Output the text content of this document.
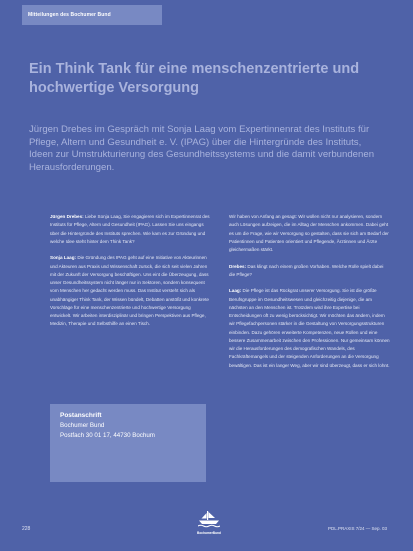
Mitteilungen des Bochumer Bund
Ein Think Tank für eine menschenzentrierte und hochwertige Versorgung

Jürgen Drebes im Gespräch mit Sonja Laag vom Expertinnenrat des Instituts für Pflege, Altern und Gesundheit e. V. (IPAG) über die Hintergründe des Instituts, Ideen zur Umstrukturierung des Gesundheitssystems und die damit verbundenen Herausforderungen.

Jürgen Drebes: Liebe Sonja Laag, Sie engagieren sich im Expertinnenrat des Instituts für Pflege, Altern und Gesundheit (IPAG). Lassen Sie uns eingangs über die Hintergründe des Instituts sprechen. Wie kam es zur Gründung und welche Idee steht hinter dem Think Tank?

Sonja Laag: Die Gründung des IPAG geht auf eine Initiative von Akteurinnen und Akteuren aus Praxis und Wissenschaft zurück, die sich seit vielen Jahren mit der Zukunft der Versorgung beschäftigen. Uns eint die Überzeugung, dass unser Gesundheitssystem nicht länger nur in Sektoren, sondern konsequent vom Menschen her gedacht werden muss. Das Institut versteht sich als unabhängiger Think Tank, der Wissen bündelt, Debatten anstößt und konkrete Vorschläge für eine menschenzentrierte und hochwertige Versorgung entwickelt. Wir arbeiten interdisziplinär und bringen Perspektiven aus Pflege, Medizin, Therapie und Selbsthilfe an einen Tisch.

Wir haben von Anfang an gesagt: Wir wollen nicht nur analysieren, sondern auch Lösungen aufzeigen, die im Alltag der Menschen ankommen. Dabei geht es um die Frage, wie wir Versorgung so gestalten, dass sie sich am Bedarf der Patientinnen und Patienten orientiert und Pflegende, Ärztinnen und Ärzte gleichermaßen stärkt.

Drebes: Das klingt nach einem großen Vorhaben. Welche Rolle spielt dabei die Pflege?

Laag: Die Pflege ist das Rückgrat unserer Versorgung. Sie ist die größte Berufsgruppe im Gesundheitswesen und gleichzeitig diejenige, die am nächsten an den Menschen ist. Trotzdem wird ihre Expertise bei Entscheidungen oft zu wenig berücksichtigt. Wir möchten das ändern, indem wir Pflegefachpersonen stärker in die Gestaltung von Versorgungsstrukturen einbinden. Dazu gehören erweiterte Kompetenzen, neue Rollen und eine bessere Zusammenarbeit zwischen den Professionen. Nur gemeinsam können wir die Herausforderungen des demografischen Wandels, des Fachkräftemangels und der steigenden Anforderungen an die Versorgung bewältigen. Das ist ein langer Weg, aber wir sind überzeugt, dass er sich lohnt.

Postanschrift
Bochumer Bund
Postfach 30 01 17, 44730 Bochum
228
BochumerBund
PDL.PRAXIS 7/24 — Sep. 03
